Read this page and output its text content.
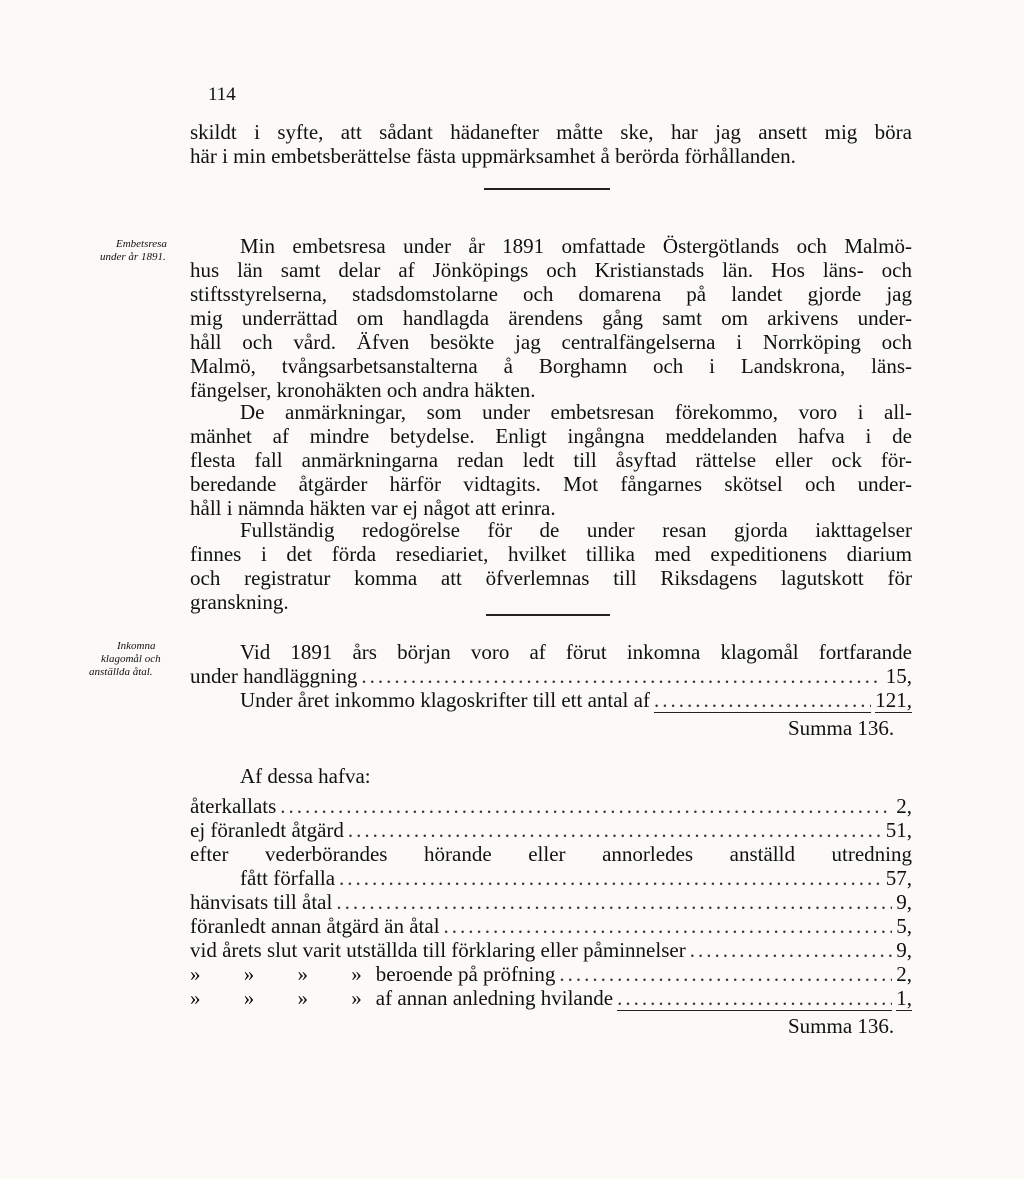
114
skildt i syfte, att sådant hädanefter måtte ske, har jag ansett mig böra
här i min embetsberättelse fästa uppmärksamhet å berörda förhållanden.
Embetsresa
under år 1891.	Min embetsresa under år 1891 omfattade Östergötlands och Malmö-
hus län samt delar af Jönköpings och Kristianstads län. Hos läns- och
stiftsstyrelserna, stadsdomstolarne och domarena på landet gjorde jag
mig underrättad om handlagda ärendens gång samt om arkivens under-
håll och vård. Äfven besökte jag centralfängelserna i Norrköping och
Malmö, tvångsarbetsanstalterna å Borghamn och i Landskrona, läns-
fängelser, kronohäkten och andra häkten.
De anmärkningar, som under embetsresan förekommo, voro i all-
mänhet af mindre betydelse. Enligt ingångna meddelanden hafva i de
flesta fall anmärkningarna redan ledt till åsyftad rättelse eller ock för-
beredande åtgärder härför vidtagits. Mot fångarnes skötsel och under-
håll i nämnda häkten var ej något att erinra.
Fullständig redogörelse för de under resan gjorda iakttagelser
finnes i det förda resediariet, hvilket tillika med expeditionens diarium
och registratur komma att öfverlemnas till Riksdagens lagutskott för
granskning.
Inkomna
klagomål och
anställda åtal.
Vid 1891 års början voro af förut inkomna klagomål fortfarande
under handläggning .....	15,
Under året inkommo klagoskrifter till ett antal af .....	121,
Summa 136.
Af dessa hafva:
återkallats .....	2,
ej föranledt åtgärd .....	51,
efter vederbörandes hörande eller annorledes anställd utredning
fått förfalla .....	57,
hänvisats till åtal .....	9,
föranledt annan åtgärd än åtal .....	5,
vid årets slut varit utställda till förklaring eller påminnelser .....	9,
» » » » beroende på pröfning .....	2,
» » » » af annan anledning hvilande .....	1,
Summa 136.
